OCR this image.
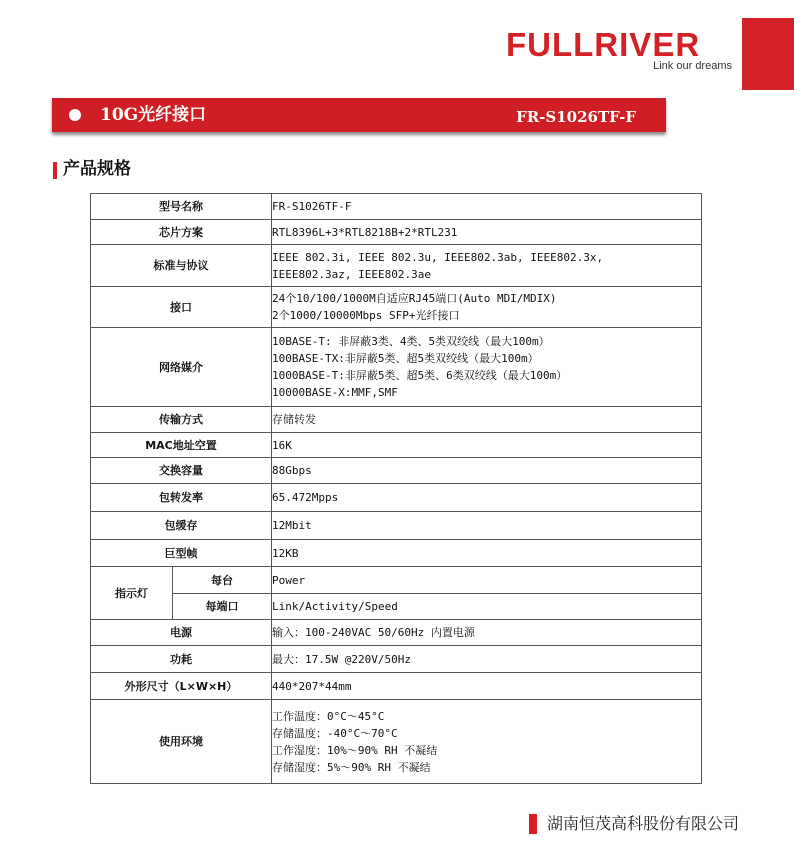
FULLRIVER
Link our dreams
10G光纤接口	FR-S1026TF-F
产品规格
型号名称		FR-S1026TF-F

芯片方案		RTL8396L+3*RTL8218B+2*RTL231

标准与协议		IEEE 802.3i, IEEE 802.3u, IEEE802.3ab, IEEE802.3x,
IEEE802.3az, IEEE802.3ae

接口		24个10/100/1000M自适应RJ45端口(Auto MDI/MDIX)
2个1000/10000Mbps SFP+光纤接口

网络媒介		10BASE-T: 非屏蔽3类、4类、5类双绞线（最大100m）
100BASE-TX:非屏蔽5类、超5类双绞线（最大100m）
1000BASE-T:非屏蔽5类、超5类、6类双绞线（最大100m）
10000BASE-X:MMF,SMF

传输方式		存储转发

MAC地址空置		16K

交换容量		88Gbps

包转发率		65.472Mpps

包缓存		12Mbit

巨型帧		12KB

指示灯	每台	Power

	每端口	Link/Activity/Speed

电源		输入：100-240VAC 50/60Hz 内置电源

功耗		最大：17.5W @220V/50Hz

外形尺寸（L×W×H）		440*207*44mm

使用环境		工作温度：0°C～45°C
存储温度：-40°C～70°C
工作湿度：10%～90% RH 不凝结
存储湿度：5%～90% RH 不凝结
湖南恒茂高科股份有限公司
